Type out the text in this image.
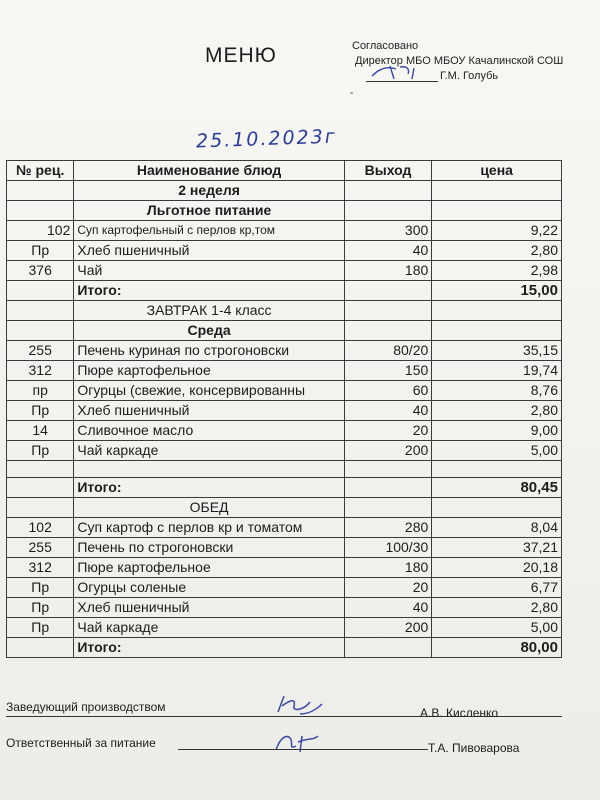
МЕНЮ	Согласовано
Директор МБО МБОУ Качалинской СОШ
Г.М. Голубь
-
25.10.2023г
№ рец.	Наименование блюд	Выход	цена
	2 неделя		
	Льготное питание		
102	Суп картофельный с перлов кр,том	300	9,22
Пр	Хлеб пшеничный	40	2,80
376	Чай	180	2,98
	Итого:		15,00
	ЗАВТРАК 1-4 класс		
	Среда		
255	Печень куриная по строгоновски	80/20	35,15
312	Пюре картофельное	150	19,74
пр	Огурцы (свежие, консервированны	60	8,76
Пр	Хлеб пшеничный	40	2,80
14	Сливочное масло	20	9,00
Пр	Чай каркаде	200	5,00

	Итого:		80,45
	ОБЕД		
102	Суп картоф с перлов кр и томатом	280	8,04
255	Печень по строгоновски	100/30	37,21
312	Пюре картофельное	180	20,18
Пр	Огурцы соленые	20	6,77
Пр	Хлеб пшеничный	40	2,80
Пр	Чай каркаде	200	5,00
	Итого:		80,00
Заведующий производством	А.В. Кисленко
Ответственный за питание	Т.А. Пивоварова
